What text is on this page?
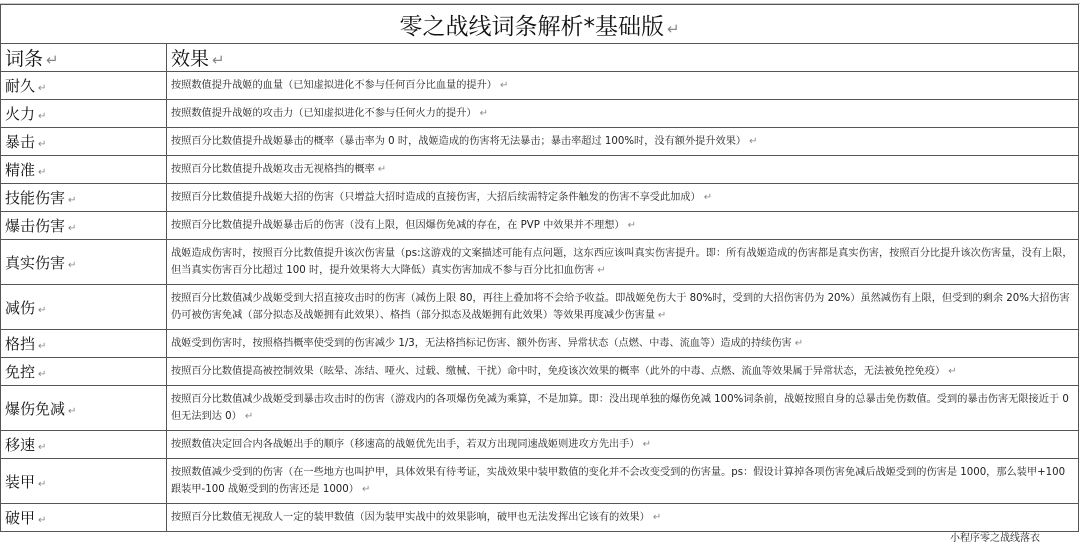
零之战线词条解析*基础版 ↵	
词条 ↵	效果 ↵
耐久 ↵	按照数值提升战姬的血量（已知虚拟进化不参与任何百分比血量的提升） ↵
火力 ↵	按照数值提升战姬的攻击力（已知虚拟进化不参与任何火力的提升） ↵
暴击 ↵	按照百分比数值提升战姬暴击的概率（暴击率为 0 时，战姬造成的伤害将无法暴击；暴击率超过 100%时，没有额外提升效果） ↵
精准 ↵	按照百分比数值提升战姬攻击无视格挡的概率 ↵
技能伤害 ↵	按照百分比数值提升战姬大招的伤害（只增益大招时造成的直接伤害，大招后续需特定条件触发的伤害不享受此加成） ↵
爆击伤害 ↵	按照百分比数值提升战姬暴击后的伤害（没有上限，但因爆伤免减的存在，在 PVP 中效果并不理想） ↵
真实伤害 ↵	战姬造成伤害时，按照百分比数值提升该次伤害量（ps:这游戏的文案描述可能有点问题，这东西应该叫真实伤害提升。即：所有战姬造成的伤害都是真实伤害，按照百分比提升该次伤害量，没有上限，但当真实伤害百分比超过 100 时，提升效果将大大降低）真实伤害加成不参与百分比扣血伤害 ↵
减伤 ↵	按照百分比数值减少战姬受到大招直接攻击时的伤害（减伤上限 80，再往上叠加将不会给予收益。即战姬免伤大于 80%时，受到的大招伤害仍为 20%）虽然减伤有上限，但受到的剩余 20%大招伤害仍可被伤害免减（部分拟态及战姬拥有此效果）、格挡（部分拟态及战姬拥有此效果）等效果再度减少伤害量 ↵
格挡 ↵	战姬受到伤害时，按照格挡概率使受到的伤害减少 1/3，无法格挡标记伤害、额外伤害、异常状态（点燃、中毒、流血等）造成的持续伤害 ↵
免控 ↵	按照百分比数值提高被控制效果（眩晕、冻结、哑火、过载、缴械、干扰）命中时，免疫该次效果的概率（此外的中毒、点燃、流血等效果属于异常状态，无法被免控免疫） ↵
爆伤免减 ↵	按照百分比数值减少战姬受到暴击攻击时的伤害（游戏内的各项爆伤免减为乘算，不是加算。即：没出现单独的爆伤免减 100%词条前，战姬按照自身的总暴击免伤数值。受到的暴击伤害无限接近于 0 但无法到达 0） ↵
移速 ↵	按照数值决定回合内各战姬出手的顺序（移速高的战姬优先出手，若双方出现同速战姬则进攻方先出手） ↵
装甲 ↵	按照数值减少受到的伤害（在一些地方也叫护甲，具体效果有待考证，实战效果中装甲数值的变化并不会改变受到的伤害量。ps：假设计算掉各项伤害免减后战姬受到的伤害是 1000，那么装甲+100 跟装甲-100 战姬受到的伤害还是 1000） ↵
破甲 ↵	按照百分比数值无视敌人一定的装甲数值（因为装甲实战中的效果影响，破甲也无法发挥出它该有的效果） ↵
小程序零之战线落衣
